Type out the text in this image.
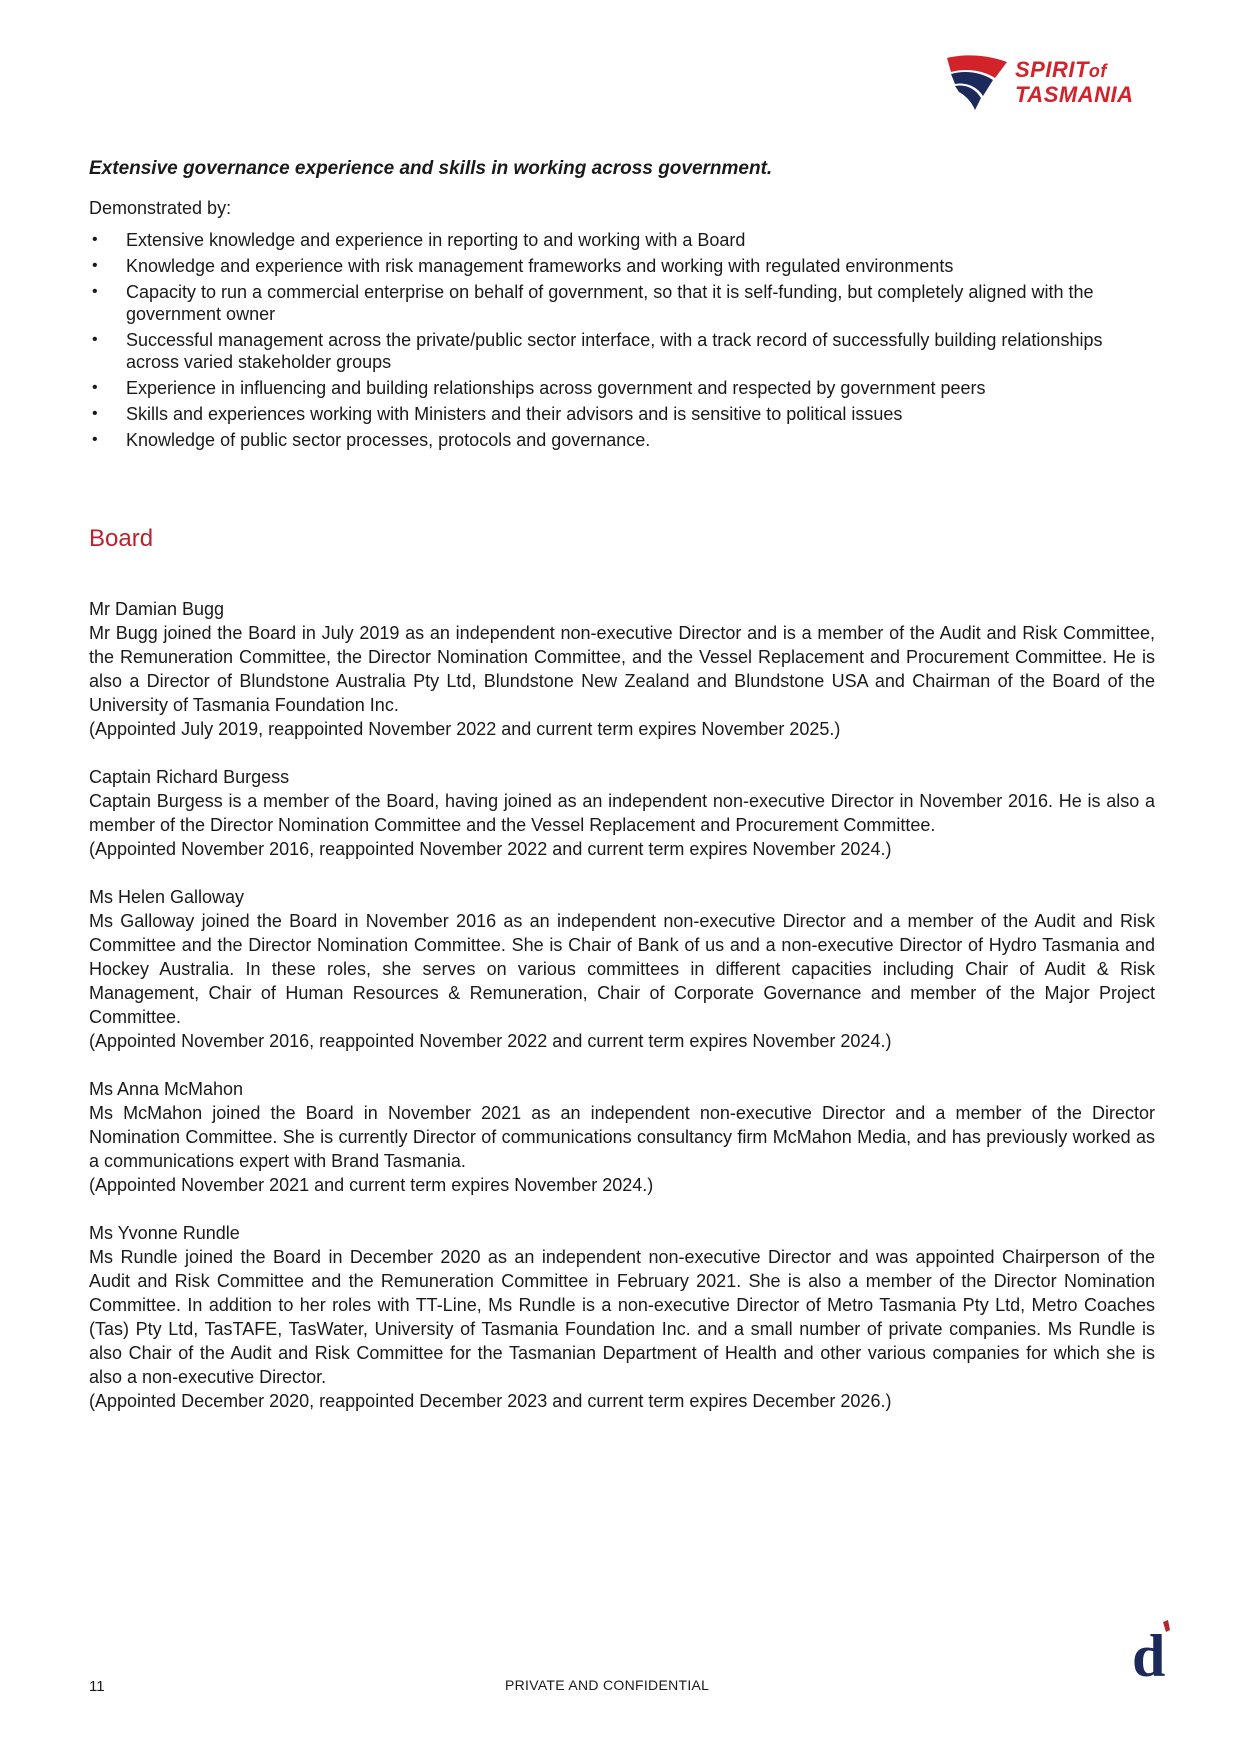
SPIRITof
TASMANIA

Extensive governance experience and skills in working across government.

Demonstrated by:

• Extensive knowledge and experience in reporting to and working with a Board
• Knowledge and experience with risk management frameworks and working with regulated environments
• Capacity to run a commercial enterprise on behalf of government, so that it is self-funding, but completely aligned with the government owner
• Successful management across the private/public sector interface, with a track record of successfully building relationships across varied stakeholder groups
• Experience in influencing and building relationships across government and respected by government peers
• Skills and experiences working with Ministers and their advisors and is sensitive to political issues
• Knowledge of public sector processes, protocols and governance.
Board
Mr Damian Bugg
Mr Bugg joined the Board in July 2019 as an independent non-executive Director and is a member of the Audit and Risk Committee, the Remuneration Committee, the Director Nomination Committee, and the Vessel Replacement and Procurement Committee. He is also a Director of Blundstone Australia Pty Ltd, Blundstone New Zealand and Blundstone USA and Chairman of the Board of the University of Tasmania Foundation Inc.
(Appointed July 2019, reappointed November 2022 and current term expires November 2025.)
Captain Richard Burgess
Captain Burgess is a member of the Board, having joined as an independent non-executive Director in November 2016. He is also a member of the Director Nomination Committee and the Vessel Replacement and Procurement Committee.
(Appointed November 2016, reappointed November 2022 and current term expires November 2024.)
Ms Helen Galloway
Ms Galloway joined the Board in November 2016 as an independent non-executive Director and a member of the Audit and Risk Committee and the Director Nomination Committee. She is Chair of Bank of us and a non-executive Director of Hydro Tasmania and Hockey Australia. In these roles, she serves on various committees in different capacities including Chair of Audit & Risk Management, Chair of Human Resources & Remuneration, Chair of Corporate Governance and member of the Major Project Committee.
(Appointed November 2016, reappointed November 2022 and current term expires November 2024.)
Ms Anna McMahon
Ms McMahon joined the Board in November 2021 as an independent non-executive Director and a member of the Director Nomination Committee. She is currently Director of communications consultancy firm McMahon Media, and has previously worked as a communications expert with Brand Tasmania.
(Appointed November 2021 and current term expires November 2024.)
Ms Yvonne Rundle
Ms Rundle joined the Board in December 2020 as an independent non-executive Director and was appointed Chairperson of the Audit and Risk Committee and the Remuneration Committee in February 2021. She is also a member of the Director Nomination Committee. In addition to her roles with TT-Line, Ms Rundle is a non-executive Director of Metro Tasmania Pty Ltd, Metro Coaches (Tas) Pty Ltd, TasTAFE, TasWater, University of Tasmania Foundation Inc. and a small number of private companies. Ms Rundle is also Chair of the Audit and Risk Committee for the Tasmanian Department of Health and other various companies for which she is also a non-executive Director.
(Appointed December 2020, reappointed December 2023 and current term expires December 2026.)
11	PRIVATE AND CONFIDENTIAL	d
